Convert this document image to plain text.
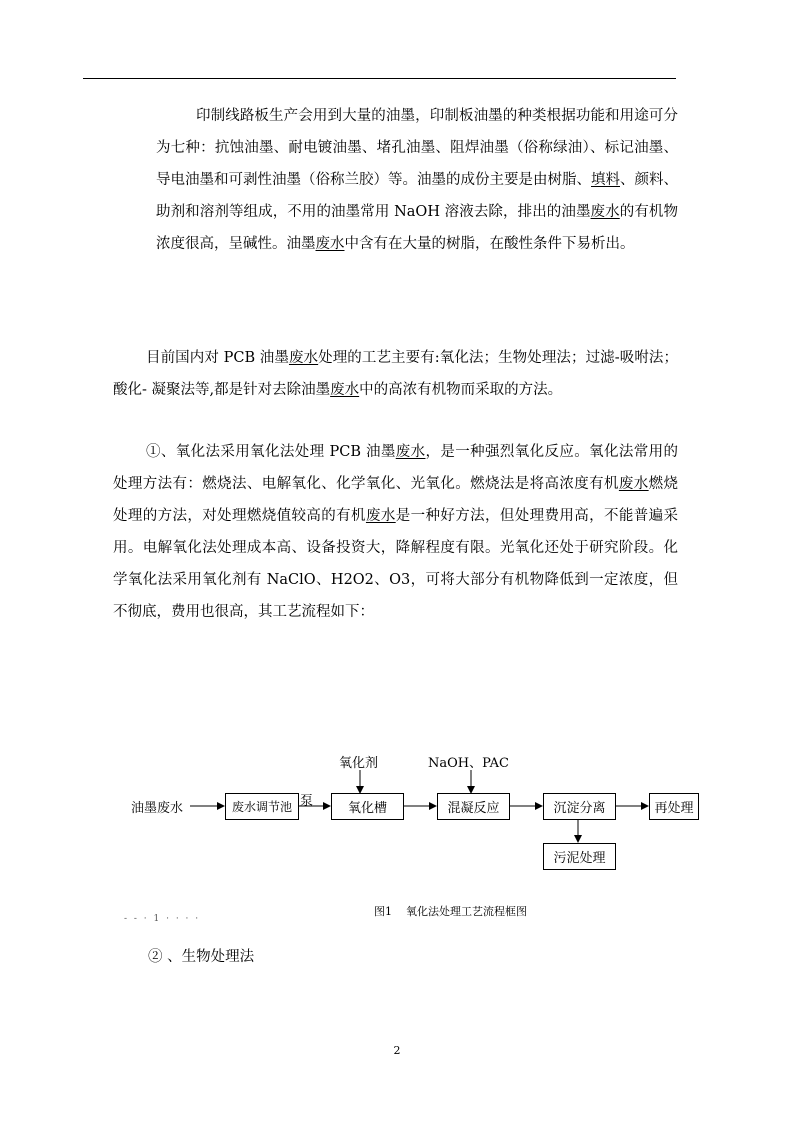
印制线路板生产会用到大量的油墨，印制板油墨的种类根据功能和用途可分为七种：抗蚀油墨、耐电镀油墨、堵孔油墨、阻焊油墨（俗称绿油）、标记油墨、导电油墨和可剥性油墨（俗称兰胶）等。油墨的成份主要是由树脂、填料、颜料、助剂和溶剂等组成，不用的油墨常用 NaOH 溶液去除，排出的油墨废水的有机物浓度很高，呈碱性。油墨废水中含有在大量的树脂，在酸性条件下易析出。

目前国内对 PCB 油墨废水处理的工艺主要有:氧化法；生物处理法；过滤-吸咐法；酸化- 凝聚法等,都是针对去除油墨废水中的高浓有机物而采取的方法。

①、氧化法采用氧化法处理 PCB 油墨废水，是一种强烈氧化反应。氧化法常用的处理方法有：燃烧法、电解氧化、化学氧化、光氧化。燃烧法是将高浓度有机废水燃烧处理的方法，对处理燃烧值较高的有机废水是一种好方法，但处理费用高，不能普遍采用。电解氧化法处理成本高、设备投资大，降解程度有限。光氧化还处于研究阶段。化学氧化法采用氧化剂有 NaClO、H2O2、O3，可将大部分有机物降低到一定浓度，但不彻底，费用也很高，其工艺流程如下：

油墨废水	废水调节池 泵
氧化剂
氧化槽
NaOH、PAC
混凝反应	沉淀分离	再处理
污泥处理
图1 氧化法处理工艺流程框图
- - · 1 · · · ·
② 、生物处理法
2
